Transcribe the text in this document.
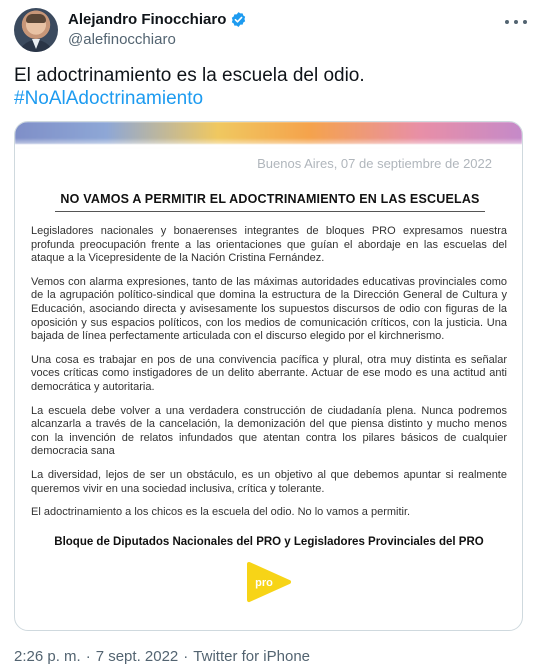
Alejandro Finocchiaro
@alefinocchiaro
El adoctrinamiento es la escuela del odio.
#NoAlAdoctrinamiento
Buenos Aires, 07 de septiembre de 2022
NO VAMOS A PERMITIR EL ADOCTRINAMIENTO EN LAS ESCUELAS

Legisladores nacionales y bonaerenses integrantes de bloques PRO expresamos nuestra profunda preocupación frente a las orientaciones que guían el abordaje en las escuelas del ataque a la Vicepresidente de la Nación Cristina Fernández.

Vemos con alarma expresiones, tanto de las máximas autoridades educativas provinciales como de la agrupación político-sindical que domina la estructura de la Dirección General de Cultura y Educación, asociando directa y avisesamente los supuestos discursos de odio con figuras de la oposición y sus espacios políticos, con los medios de comunicación críticos, con la justicia. Una bajada de línea perfectamente articulada con el discurso elegido por el kirchnerismo.

Una cosa es trabajar en pos de una convivencia pacífica y plural, otra muy distinta es señalar voces críticas como instigadores de un delito aberrante. Actuar de ese modo es una actitud anti democrática y autoritaria.

La escuela debe volver a una verdadera construcción de ciudadanía plena. Nunca podremos alcanzarla a través de la cancelación, la demonización del que piensa distinto y mucho menos con la invención de relatos infundados que atentan contra los pilares básicos de cualquier democracia sana

La diversidad, lejos de ser un obstáculo, es un objetivo al que debemos apuntar si realmente queremos vivir en una sociedad inclusiva, crítica y tolerante.

El adoctrinamiento a los chicos es la escuela del odio. No lo vamos a permitir.

Bloque de Diputados Nacionales del PRO y Legisladores Provinciales del PRO
pro
2:26 p. m. · 7 sept. 2022 · Twitter for iPhone
